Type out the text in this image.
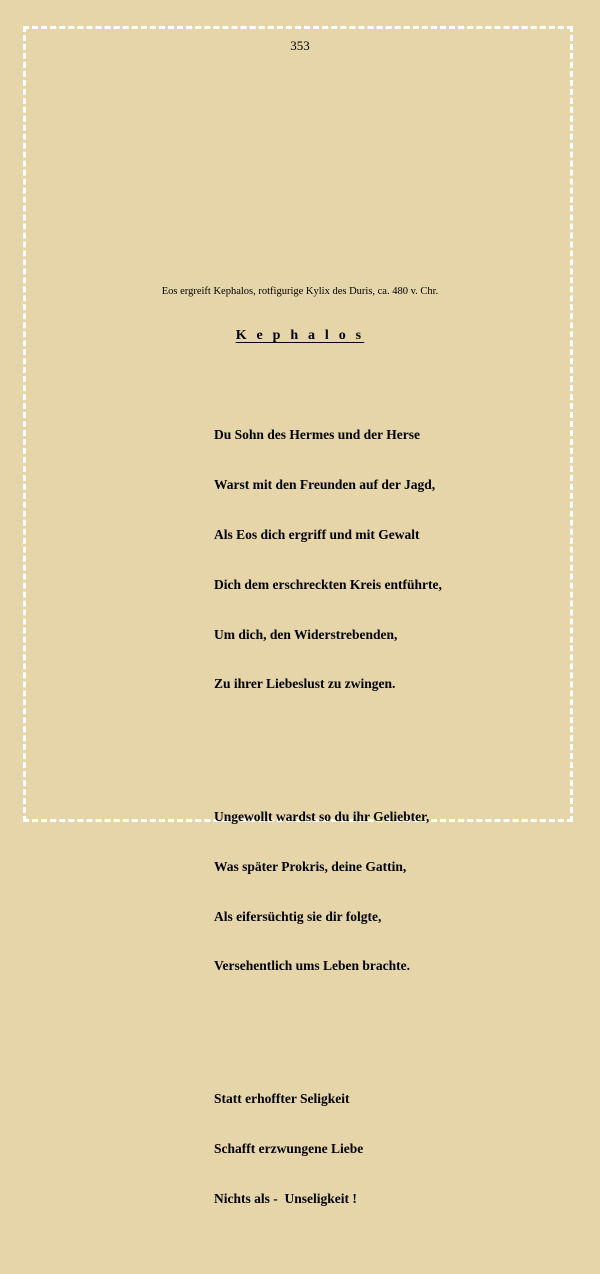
353
Eos ergreift Kephalos, rotfigurige Kylix des Duris, ca. 480 v. Chr.
K e p h a l o s

Du Sohn des Hermes und der Herse

Warst mit den Freunden auf der Jagd,

Als Eos dich ergriff und mit Gewalt

Dich dem erschreckten Kreis entführte,

Um dich, den Widerstrebenden,

Zu ihrer Liebeslust zu zwingen.

Ungewollt wardst so du ihr Geliebter,

Was später Prokris, deine Gattin,

Als eifersüchtig sie dir folgte,

Versehentlich ums Leben brachte.

Statt erhoffter Seligkeit

Schafft erzwungene Liebe

Nichts als -  Unseligkeit !
